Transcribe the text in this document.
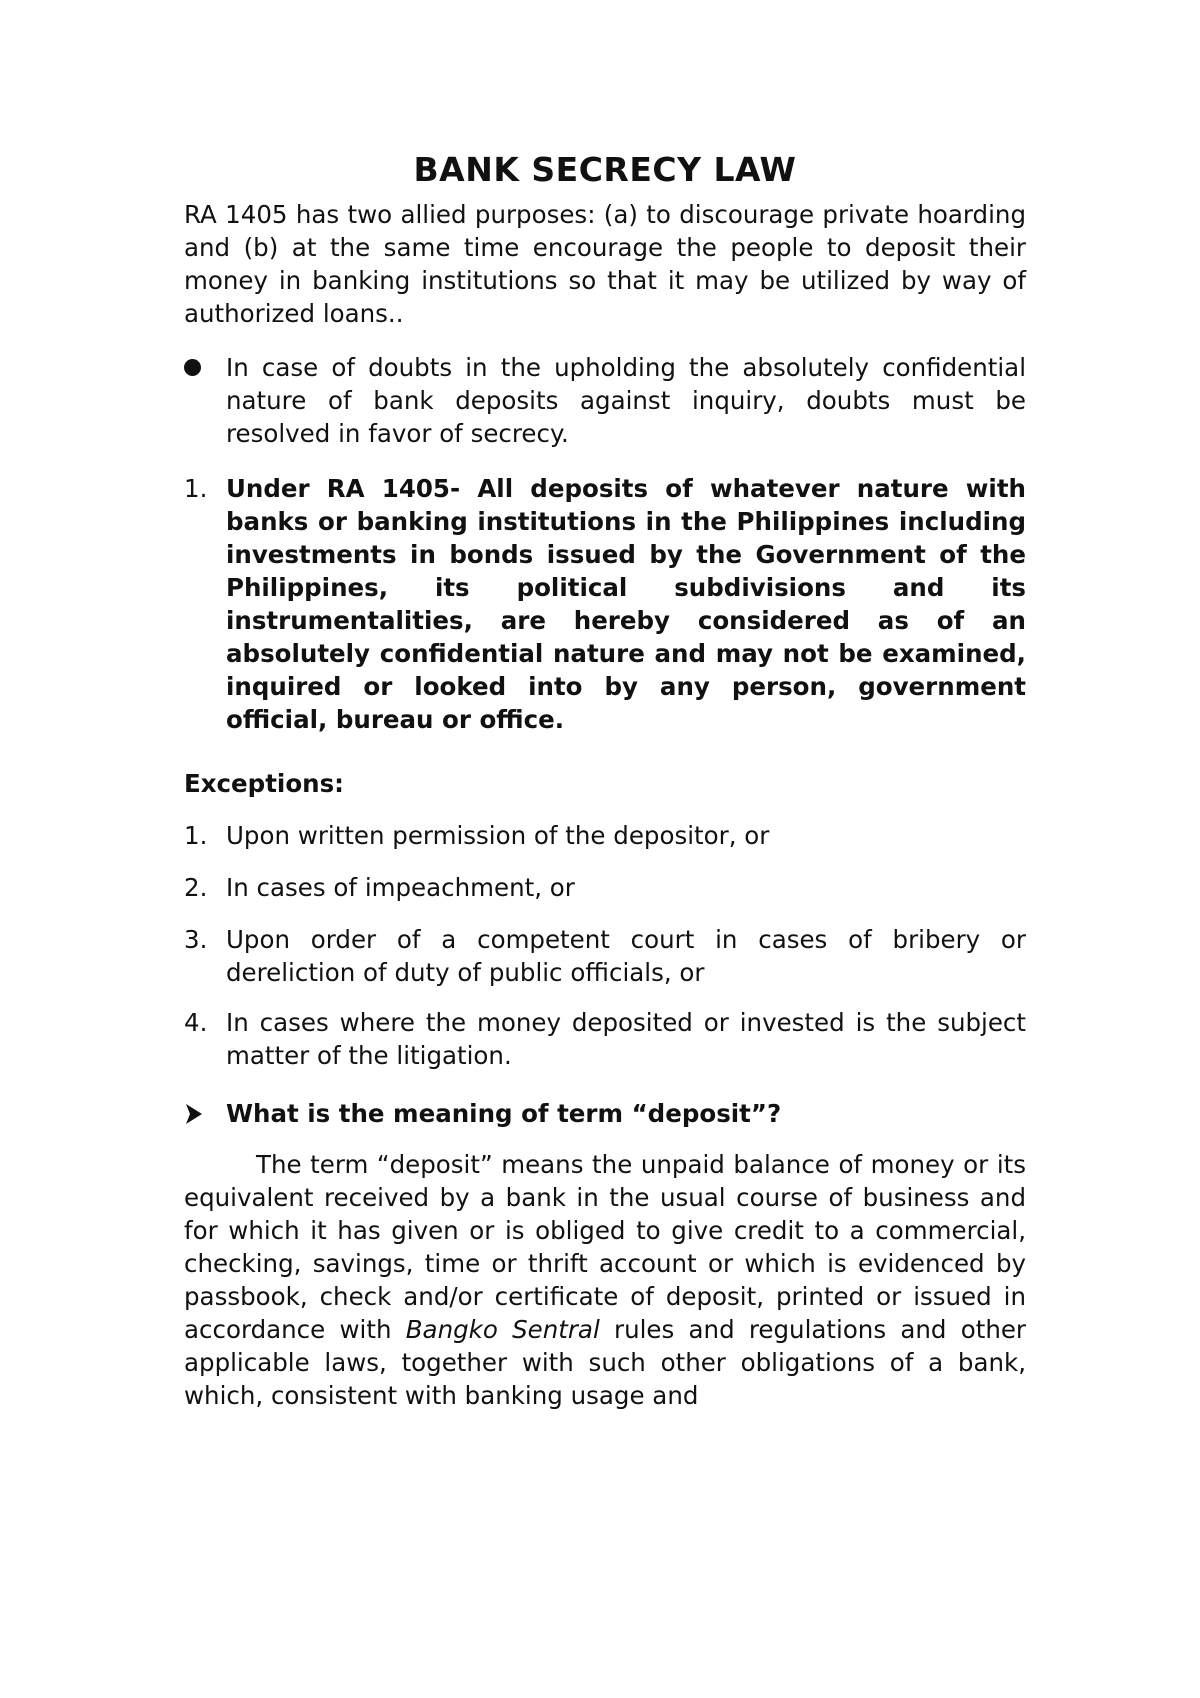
BANK SECRECY LAW

RA 1405 has two allied purposes: (a) to discourage private hoarding and (b) at the same time encourage the people to deposit their money in banking institutions so that it may be utilized by way of authorized loans..

In case of doubts in the upholding the absolutely confidential nature of bank deposits against inquiry, doubts must be resolved in favor of secrecy.
1. Under RA 1405- All deposits of whatever nature with banks or banking institutions in the Philippines including investments in bonds issued by the Government of the Philippines, its political subdivisions and its instrumentalities, are hereby considered as of an absolutely confidential nature and may not be examined, inquired or looked into by any person, government official, bureau or office.
Exceptions:
1. Upon written permission of the depositor, or
2. In cases of impeachment, or
3. Upon order of a competent court in cases of bribery or dereliction of duty of public officials, or
4. In cases where the money deposited or invested is the subject matter of the litigation.
What is the meaning of term “deposit”?

The term “deposit” means the unpaid balance of money or its equivalent received by a bank in the usual course of business and for which it has given or is obliged to give credit to a commercial, checking, savings, time or thrift account or which is evidenced by passbook, check and/or certificate of deposit, printed or issued in accordance with Bangko Sentral rules and regulations and other applicable laws, together with such other obligations of a bank, which, consistent with banking usage and
